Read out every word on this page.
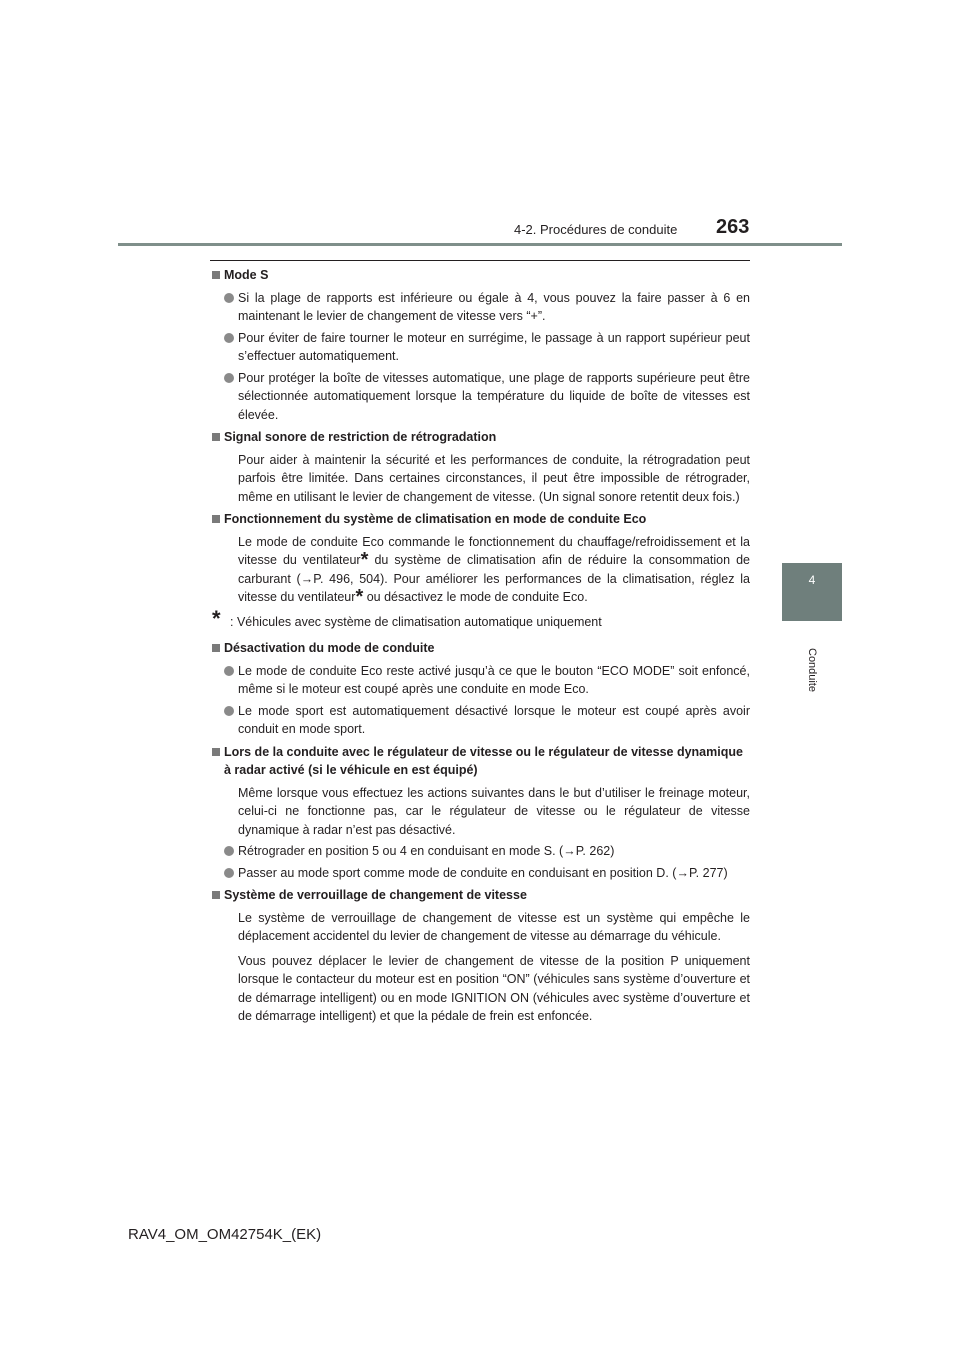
4-2. Procédures de conduite 263
4
Conduite
Mode S
Si la plage de rapports est inférieure ou égale à 4, vous pouvez la faire passer à 6 en maintenant le levier de changement de vitesse vers “+”.
Pour éviter de faire tourner le moteur en surrégime, le passage à un rapport supérieur peut s’effectuer automatiquement.
Pour protéger la boîte de vitesses automatique, une plage de rapports supérieure peut être sélectionnée automatiquement lorsque la température du liquide de boîte de vitesses est élevée.
Signal sonore de restriction de rétrogradation
Pour aider à maintenir la sécurité et les performances de conduite, la rétrogradation peut parfois être limitée. Dans certaines circonstances, il peut être impossible de rétrograder, même en utilisant le levier de changement de vitesse. (Un signal sonore retentit deux fois.)
Fonctionnement du système de climatisation en mode de conduite Eco
Le mode de conduite Eco commande le fonctionnement du chauffage/refroidissement et la vitesse du ventilateur* du système de climatisation afin de réduire la consommation de carburant (→P. 496, 504). Pour améliorer les performances de la climatisation, réglez la vitesse du ventilateur* ou désactivez le mode de conduite Eco.
* : Véhicules avec système de climatisation automatique uniquement
Désactivation du mode de conduite
Le mode de conduite Eco reste activé jusqu’à ce que le bouton “ECO MODE” soit enfoncé, même si le moteur est coupé après une conduite en mode Eco.
Le mode sport est automatiquement désactivé lorsque le moteur est coupé après avoir conduit en mode sport.
Lors de la conduite avec le régulateur de vitesse ou le régulateur de vitesse dynamique à radar activé (si le véhicule en est équipé)
Même lorsque vous effectuez les actions suivantes dans le but d’utiliser le freinage moteur, celui-ci ne fonctionne pas, car le régulateur de vitesse ou le régulateur de vitesse dynamique à radar n’est pas désactivé.
Rétrograder en position 5 ou 4 en conduisant en mode S. (→P. 262)
Passer au mode sport comme mode de conduite en conduisant en position D. (→P. 277)
Système de verrouillage de changement de vitesse
Le système de verrouillage de changement de vitesse est un système qui empêche le déplacement accidentel du levier de changement de vitesse au démarrage du véhicule.
Vous pouvez déplacer le levier de changement de vitesse de la position P uniquement lorsque le contacteur du moteur est en position “ON” (véhicules sans système d’ouverture et de démarrage intelligent) ou en mode IGNITION ON (véhicules avec système d’ouverture et de démarrage intelligent) et que la pédale de frein est enfoncée.
RAV4_OM_OM42754K_(EK)
